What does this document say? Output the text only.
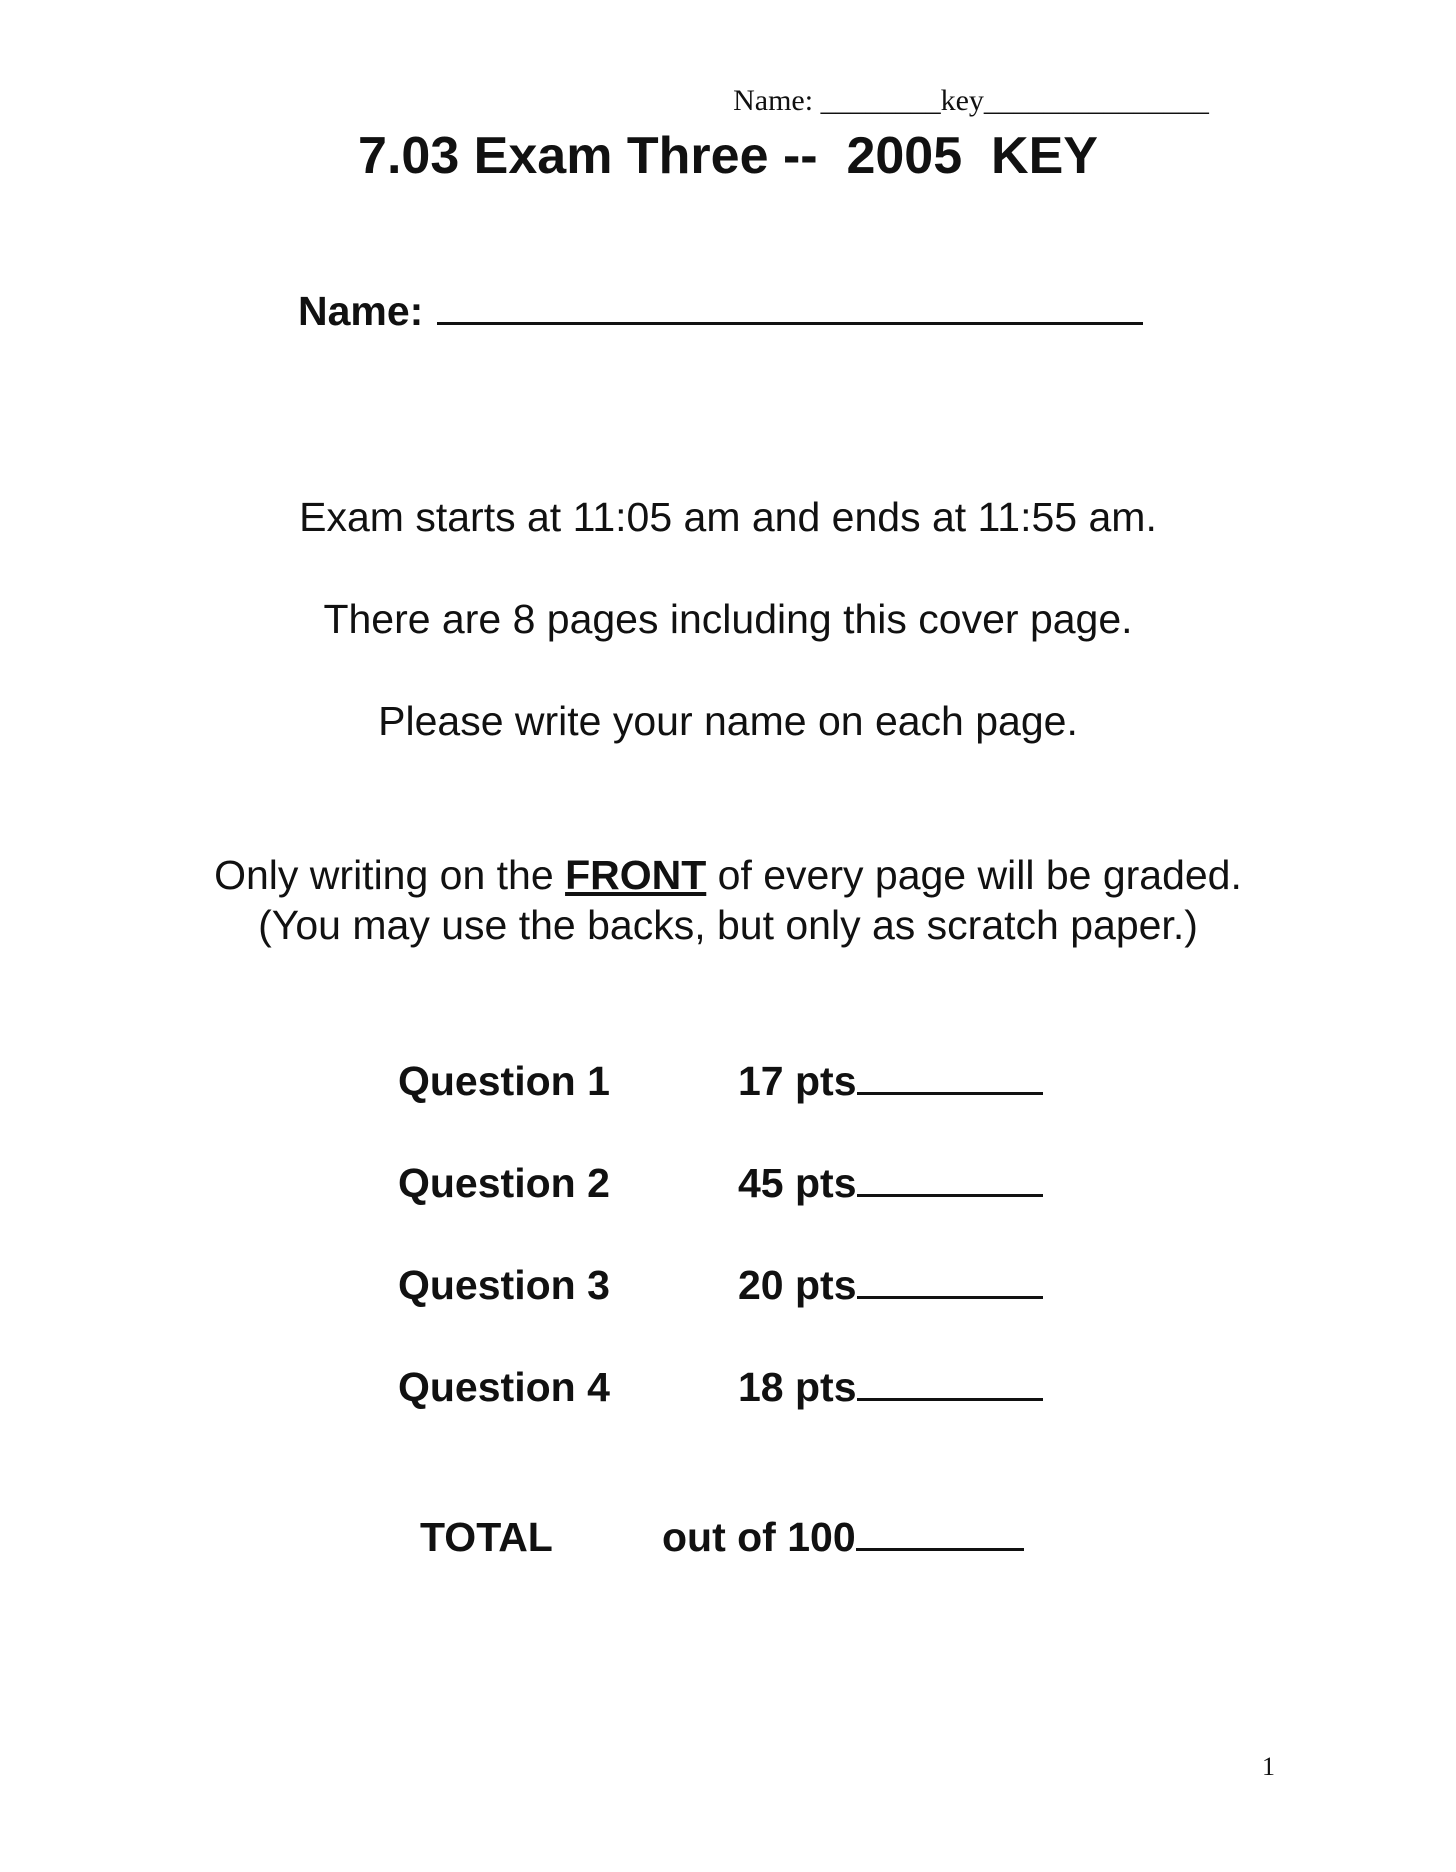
Name: ________key_______________
7.03 Exam Three --  2005  KEY
Name:
Exam starts at 11:05 am and ends at 11:55 am.
There are 8 pages including this cover page.
Please write your name on each page.
Only writing on the FRONT of every page will be graded.
(You may use the backs, but only as scratch paper.)
Question 1	17 pts
Question 2	45 pts
Question 3	20 pts
Question 4	18 pts
TOTAL	out of 100
1
